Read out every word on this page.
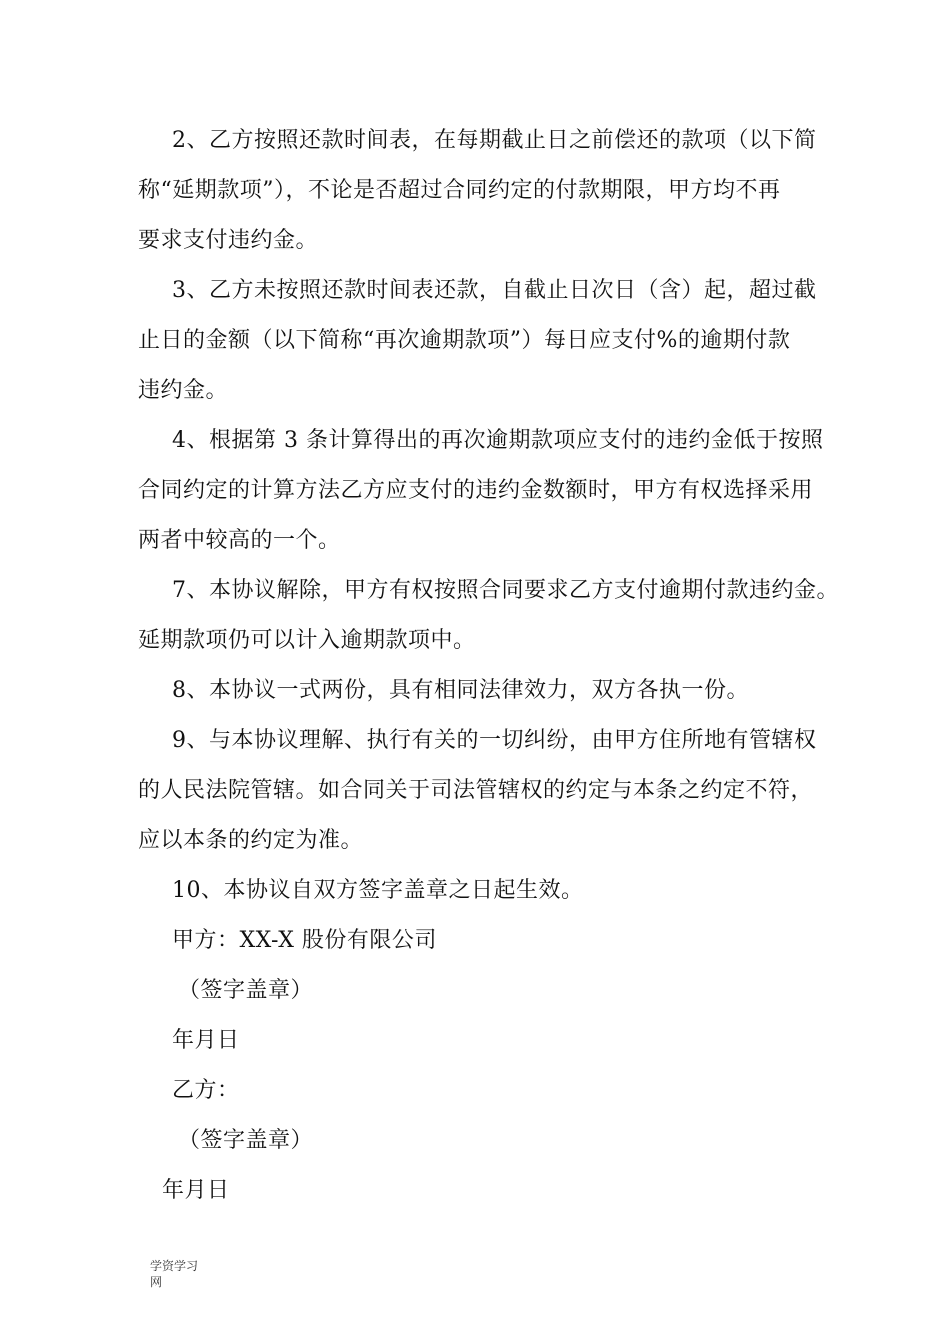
2、乙方按照还款时间表，在每期截止日之前偿还的款项（以下简
称“延期款项”），不论是否超过合同约定的付款期限，甲方均不再
要求支付违约金。
3、乙方未按照还款时间表还款，自截止日次日（含）起，超过截
止日的金额（以下简称“再次逾期款项”）每日应支付%的逾期付款
违约金。
4、根据第 3 条计算得出的再次逾期款项应支付的违约金低于按照
合同约定的计算方法乙方应支付的违约金数额时，甲方有权选择采用
两者中较高的一个。
7、本协议解除，甲方有权按照合同要求乙方支付逾期付款违约金。
延期款项仍可以计入逾期款项中。
8、本协议一式两份，具有相同法律效力，双方各执一份。
9、与本协议理解、执行有关的一切纠纷，由甲方住所地有管辖权
的人民法院管辖。如合同关于司法管辖权的约定与本条之约定不符，
应以本条的约定为准。
10、本协议自双方签字盖章之日起生效。
甲方：XX-X 股份有限公司
（签字盖章）
年月日
乙方：
（签字盖章）
年月日
学资学习
网
